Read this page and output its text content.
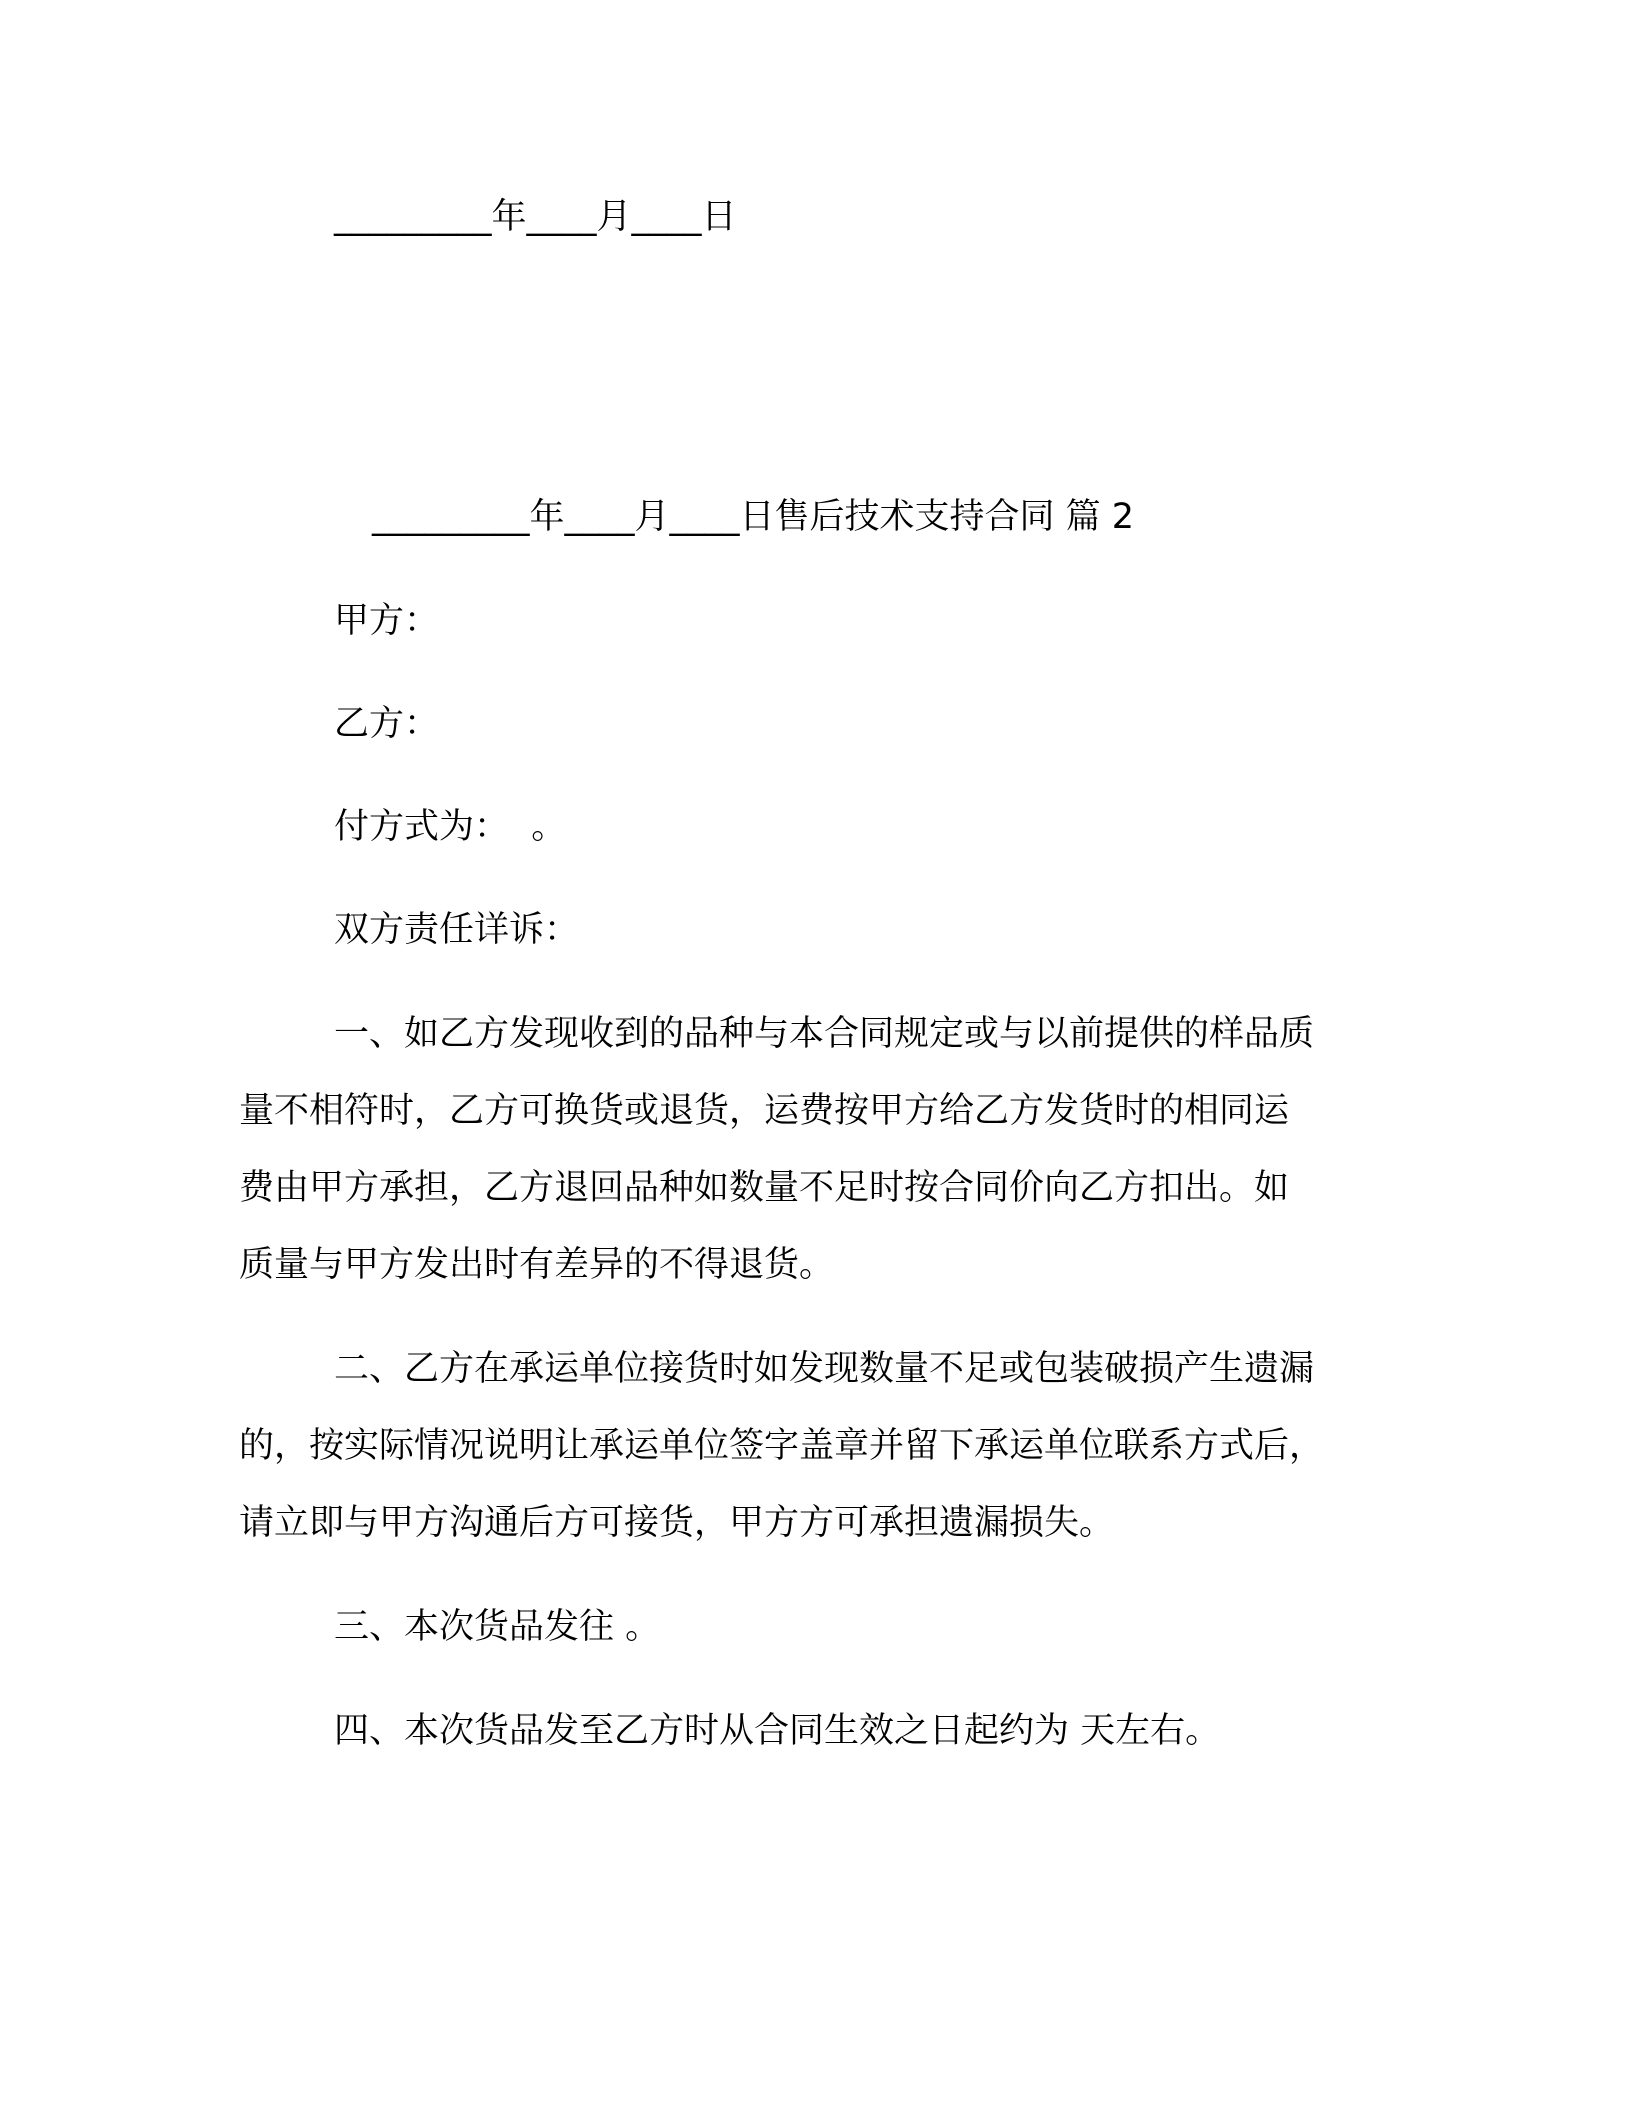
_________年____月____日
_________年____月____日售后技术支持合同 篇 2
甲方：
乙方：
付方式为：  。
双方责任详诉：
一、如乙方发现收到的品种与本合同规定或与以前提供的样品质
量不相符时，乙方可换货或退货，运费按甲方给乙方发货时的相同运
费由甲方承担，乙方退回品种如数量不足时按合同价向乙方扣出。如
质量与甲方发出时有差异的不得退货。
二、乙方在承运单位接货时如发现数量不足或包装破损产生遗漏
的，按实际情况说明让承运单位签字盖章并留下承运单位联系方式后，
请立即与甲方沟通后方可接货，甲方方可承担遗漏损失。
三、本次货品发往 。
四、本次货品发至乙方时从合同生效之日起约为 天左右。
